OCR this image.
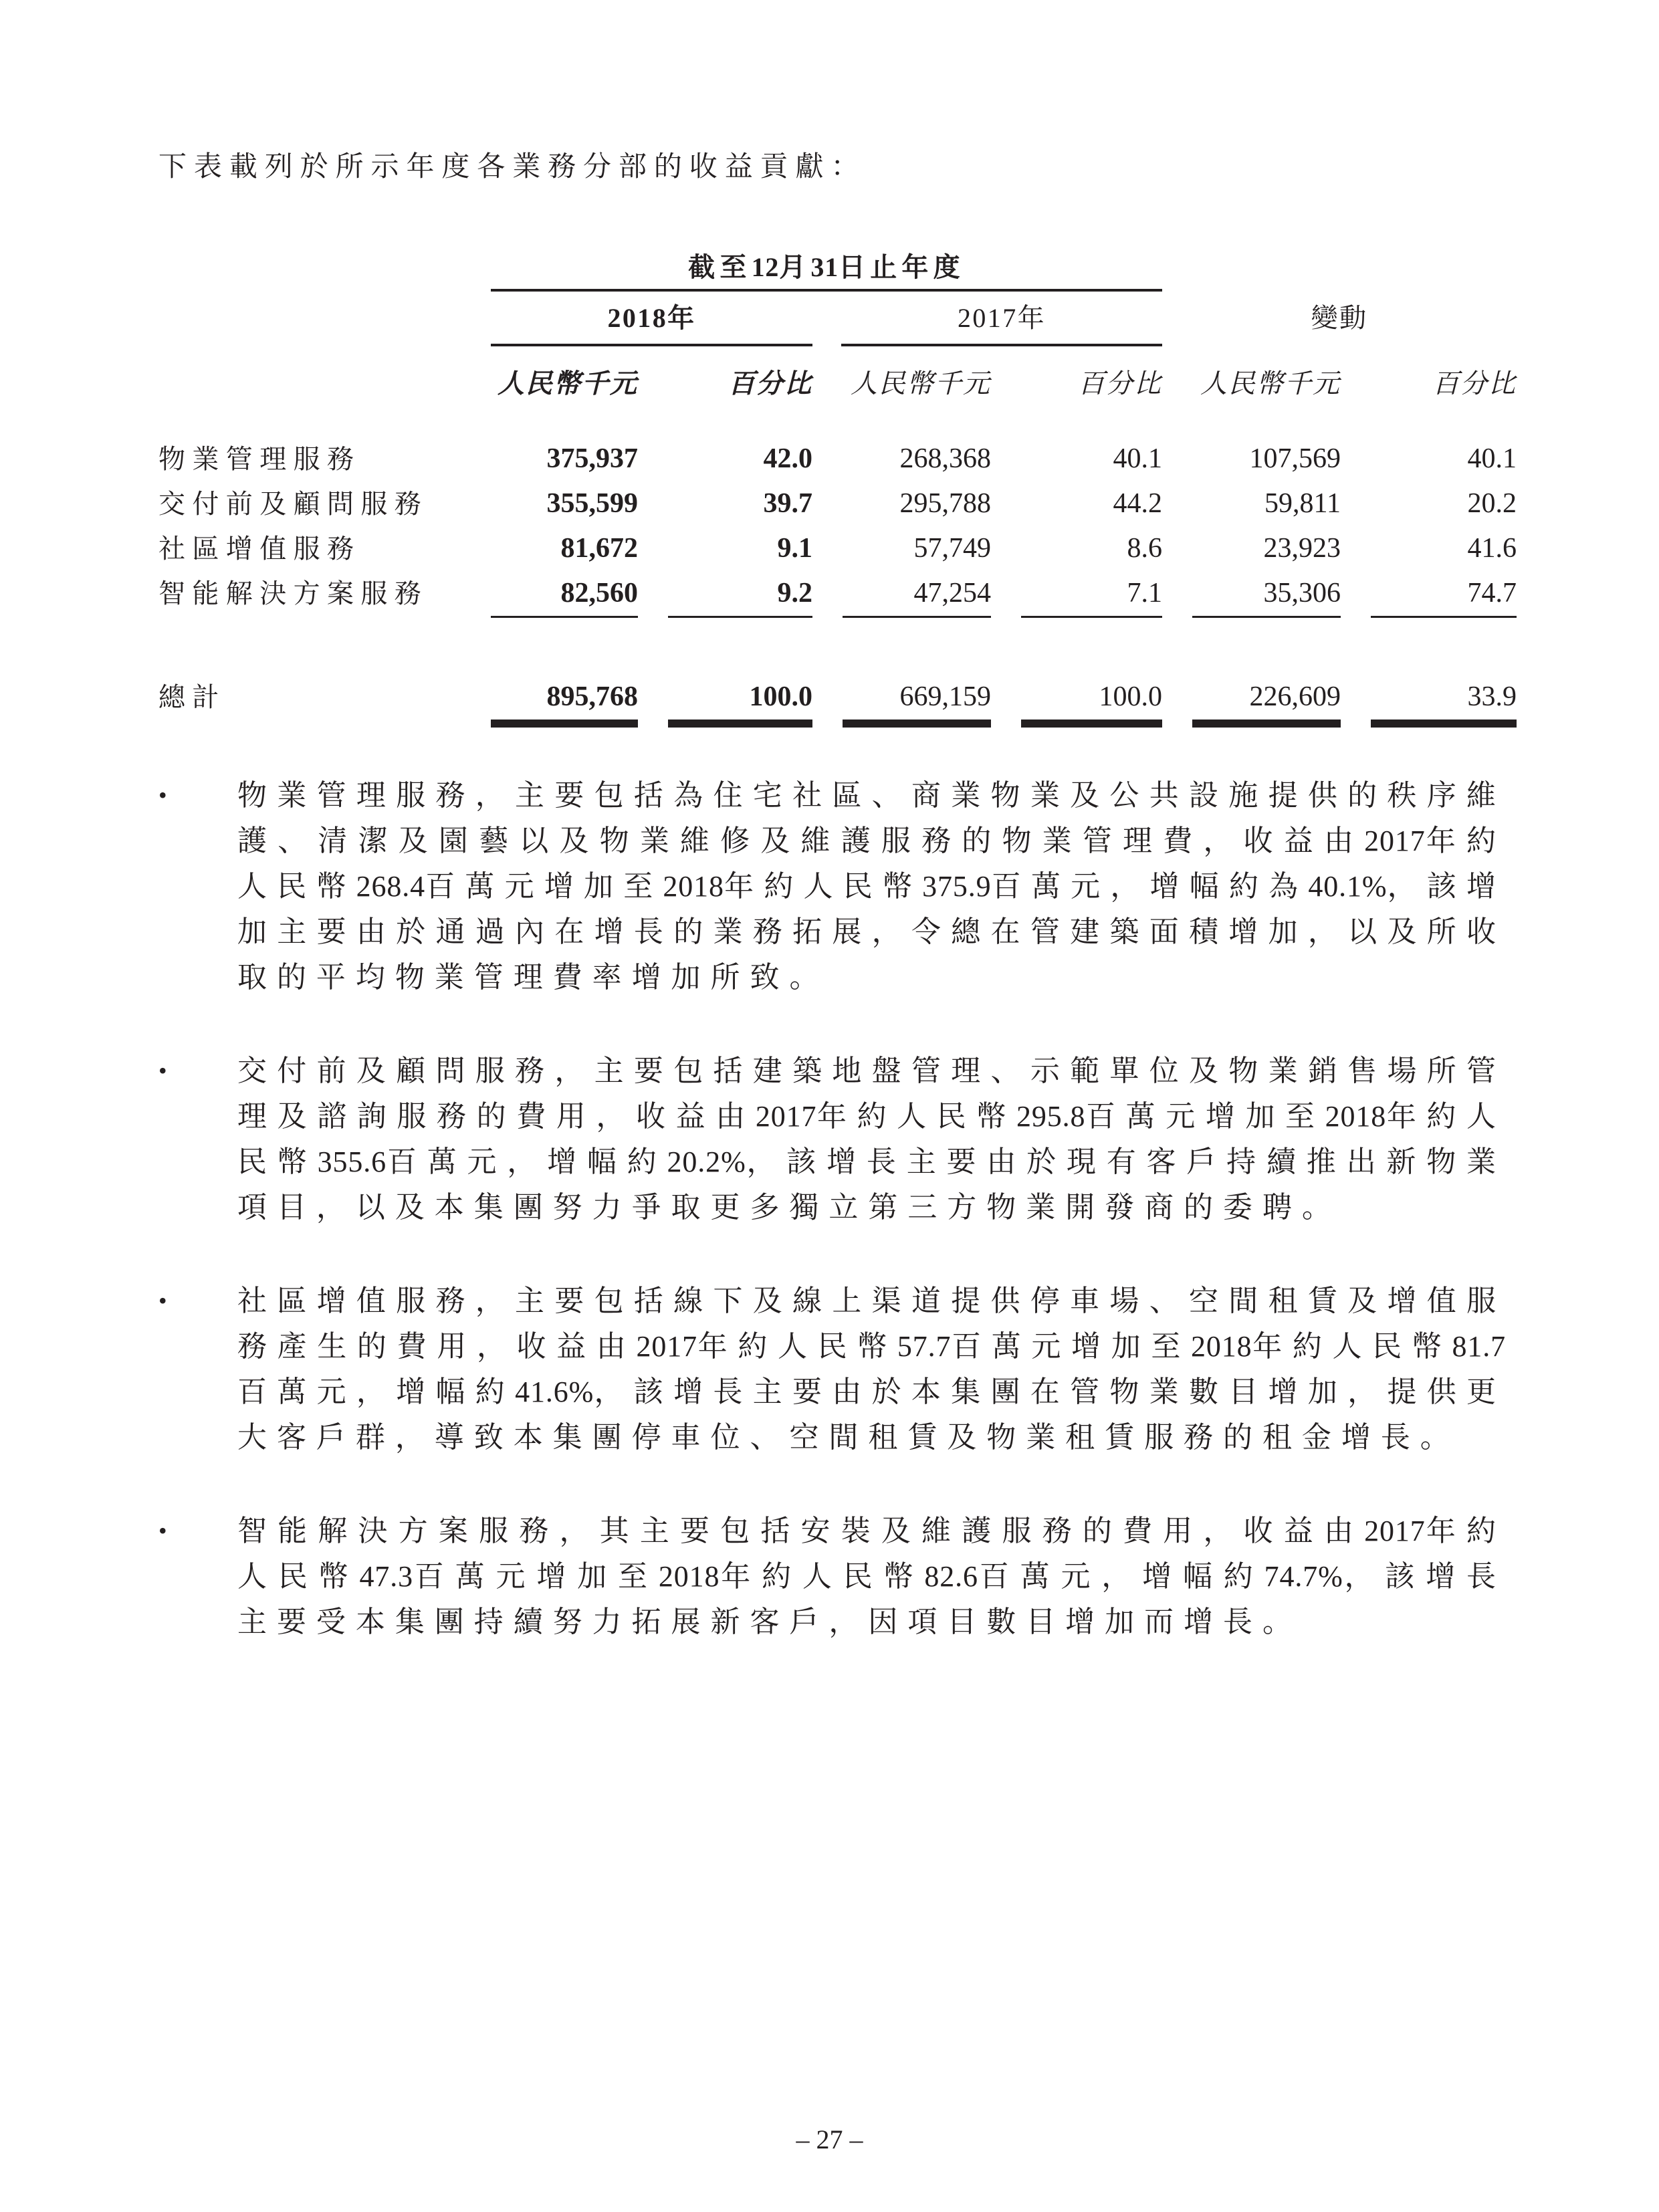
下表載列於所示年度各業務分部的收益貢獻：

截至12月31日止年度
2018年	2017年	變動
人民幣千元	百分比	人民幣千元	百分比	人民幣千元	百分比
物業管理服務	375,937	42.0	268,368	40.1	107,569	40.1
交付前及顧問服務	355,599	39.7	295,788	44.2	59,811	20.2
社區增值服務	81,672	9.1	57,749	8.6	23,923	41.6
智能解決方案服務	82,560	9.2	47,254	7.1	35,306	74.7
總計	895,768	100.0	669,159	100.0	226,609	33.9
•	物業管理服務，主要包括為住宅社區、商業物業及公共設施提供的秩序維護、清潔及園藝以及物業維修及維護服務的物業管理費，收益由2017年約人民幣268.4百萬元增加至2018年約人民幣375.9百萬元，增幅約為40.1%，該增加主要由於通過內在增長的業務拓展，令總在管建築面積增加，以及所收取的平均物業管理費率增加所致。

•	交付前及顧問服務，主要包括建築地盤管理、示範單位及物業銷售場所管理及諮詢服務的費用，收益由2017年約人民幣295.8百萬元增加至2018年約人民幣355.6百萬元，增幅約20.2%，該增長主要由於現有客戶持續推出新物業項目，以及本集團努力爭取更多獨立第三方物業開發商的委聘。

•	社區增值服務，主要包括線下及線上渠道提供停車場、空間租賃及增值服務產生的費用，收益由2017年約人民幣57.7百萬元增加至2018年約人民幣81.7百萬元，增幅約41.6%，該增長主要由於本集團在管物業數目增加，提供更大客戶群，導致本集團停車位、空間租賃及物業租賃服務的租金增長。

•	智能解決方案服務，其主要包括安裝及維護服務的費用，收益由2017年約人民幣47.3百萬元增加至2018年約人民幣82.6百萬元，增幅約74.7%，該增長主要受本集團持續努力拓展新客戶，因項目數目增加而增長。

– 27 –
